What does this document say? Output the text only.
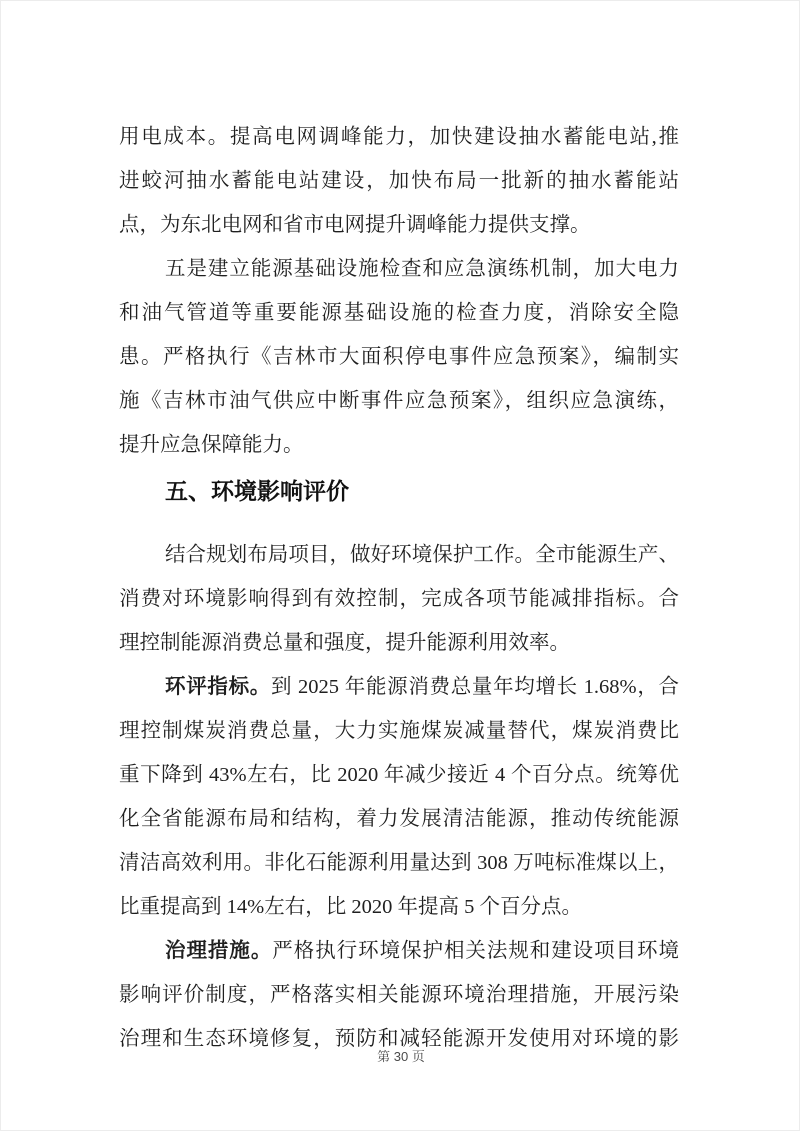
用电成本。提高电网调峰能力，加快建设抽水蓄能电站,推
进蛟河抽水蓄能电站建设，加快布局一批新的抽水蓄能站
点，为东北电网和省市电网提升调峰能力提供支撑。
五是建立能源基础设施检查和应急演练机制，加大电力
和油气管道等重要能源基础设施的检查力度，消除安全隐
患。严格执行《吉林市大面积停电事件应急预案》，编制实
施《吉林市油气供应中断事件应急预案》，组织应急演练，
提升应急保障能力。
五、环境影响评价
结合规划布局项目，做好环境保护工作。全市能源生产、
消费对环境影响得到有效控制，完成各项节能减排指标。合
理控制能源消费总量和强度，提升能源利用效率。
环评指标。到 2025 年能源消费总量年均增长 1.68%，合
理控制煤炭消费总量，大力实施煤炭减量替代，煤炭消费比
重下降到 43%左右，比 2020 年减少接近 4 个百分点。统筹优
化全省能源布局和结构，着力发展清洁能源，推动传统能源
清洁高效利用。非化石能源利用量达到 308 万吨标准煤以上，
比重提高到 14%左右，比 2020 年提高 5 个百分点。
治理措施。严格执行环境保护相关法规和建设项目环境
影响评价制度，严格落实相关能源环境治理措施，开展污染
治理和生态环境修复，预防和减轻能源开发使用对环境的影
第 30 页
